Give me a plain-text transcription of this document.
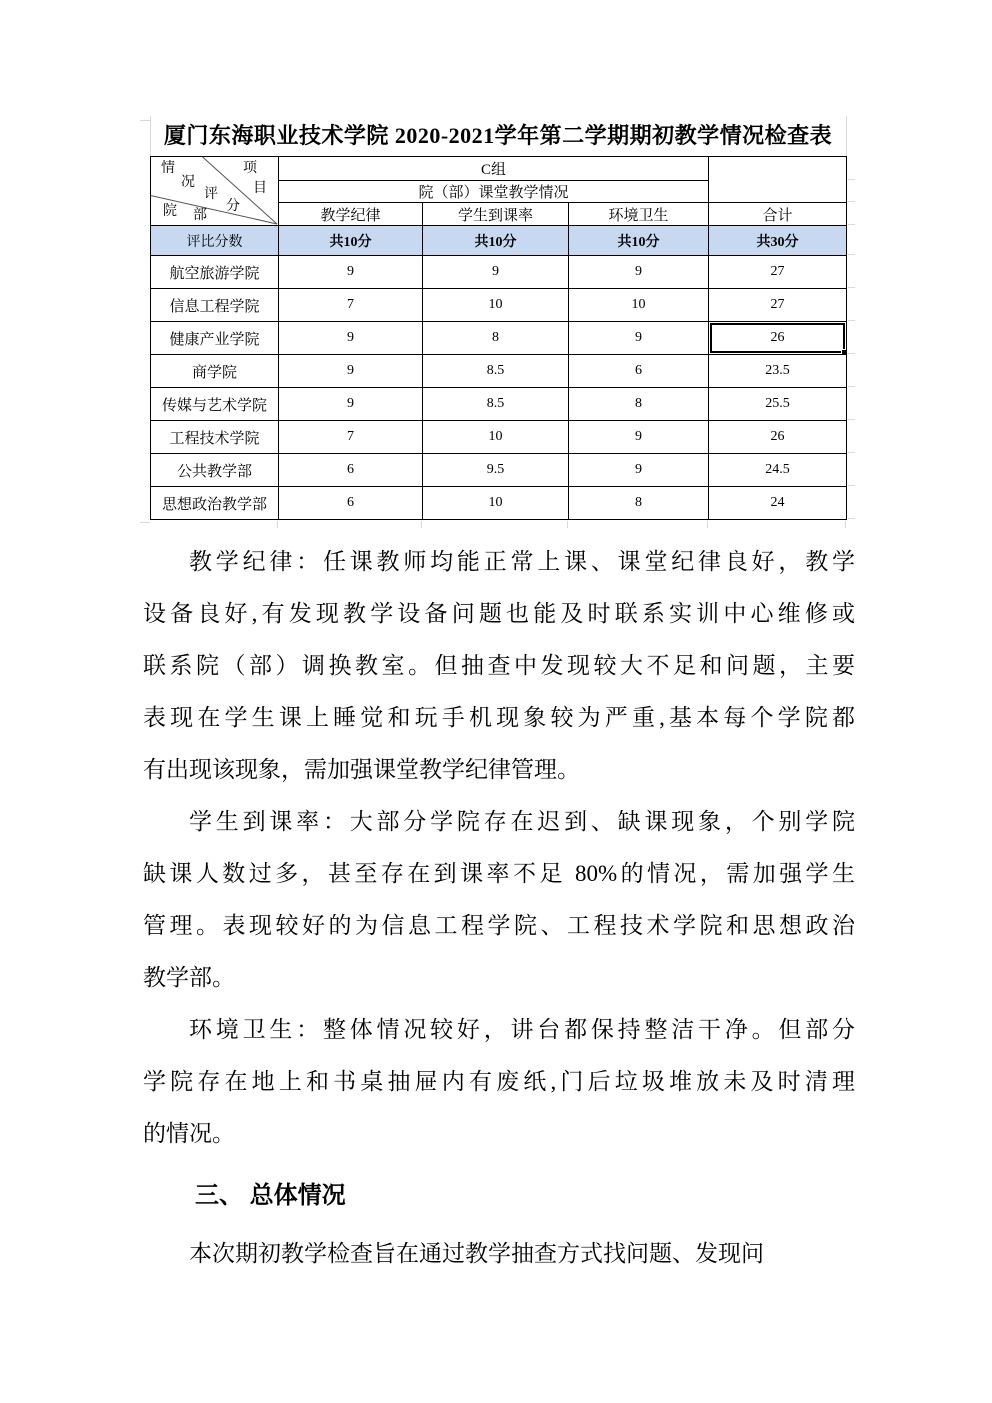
厦门东海职业技术学院 2020-2021学年第二学期期初教学情况检查表
情
况
评
分
项
目
院 部
	C组	
	院（部）课堂教学情况			
	教学纪律	学生到课率	环境卫生	合计
评比分数	共10分	共10分	共10分	共30分
航空旅游学院	9	9	9	27
信息工程学院	7	10	10	27
健康产业学院	9	8	9	26

商学院	9	8.5	6	23.5
传媒与艺术学院	9	8.5	8	25.5
工程技术学院	7	10	9	26
公共教学部	6	9.5	9	24.5
思想政治教学部	6	10	8	24
教学纪律：任课教师均能正常上课、课堂纪律良好，教学
设备良好,有发现教学设备问题也能及时联系实训中心维修或
联系院（部）调换教室。但抽查中发现较大不足和问题，主要
表现在学生课上睡觉和玩手机现象较为严重,基本每个学院都
有出现该现象，需加强课堂教学纪律管理。
学生到课率：大部分学院存在迟到、缺课现象，个别学院
缺课人数过多，甚至存在到课率不足 80%的情况，需加强学生
管理。表现较好的为信息工程学院、工程技术学院和思想政治
教学部。
环境卫生：整体情况较好，讲台都保持整洁干净。但部分
学院存在地上和书桌抽屉内有废纸,门后垃圾堆放未及时清理
的情况。
三、 总体情况
本次期初教学检查旨在通过教学抽查方式找问题、发现问
